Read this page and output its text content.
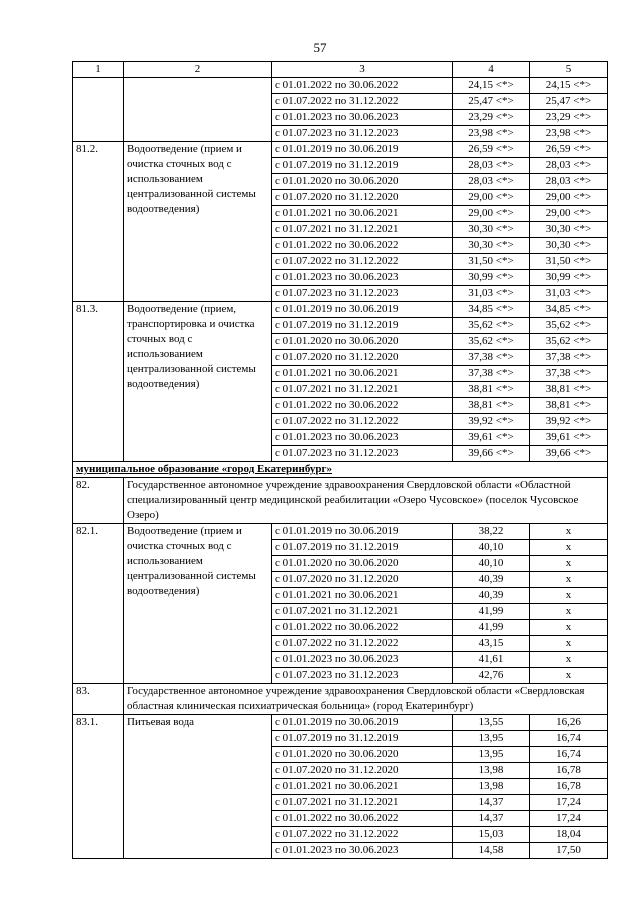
57
1	2	3	4	5
		с 01.01.2022 по 30.06.2022	24,15 <*>	24,15 <*>
		с 01.07.2022 по 31.12.2022	25,47 <*>	25,47 <*>
		с 01.01.2023 по 30.06.2023	23,29 <*>	23,29 <*>
		с 01.07.2023 по 31.12.2023	23,98 <*>	23,98 <*>
81.2.	Водоотведение (прием и очистка сточных вод с использованием централизованной системы водоотведения)	с 01.01.2019 по 30.06.2019	26,59 <*>	26,59 <*>
		с 01.07.2019 по 31.12.2019	28,03 <*>	28,03 <*>
		с 01.01.2020 по 30.06.2020	28,03 <*>	28,03 <*>
		с 01.07.2020 по 31.12.2020	29,00 <*>	29,00 <*>
		с 01.01.2021 по 30.06.2021	29,00 <*>	29,00 <*>
		с 01.07.2021 по 31.12.2021	30,30 <*>	30,30 <*>
		с 01.01.2022 по 30.06.2022	30,30 <*>	30,30 <*>
		с 01.07.2022 по 31.12.2022	31,50 <*>	31,50 <*>
		с 01.01.2023 по 30.06.2023	30,99 <*>	30,99 <*>
		с 01.07.2023 по 31.12.2023	31,03 <*>	31,03 <*>
81.3.	Водоотведение (прием, транспортировка и очистка сточных вод с использованием централизованной системы водоотведения)	с 01.01.2019 по 30.06.2019	34,85 <*>	34,85 <*>
		с 01.07.2019 по 31.12.2019	35,62 <*>	35,62 <*>
		с 01.01.2020 по 30.06.2020	35,62 <*>	35,62 <*>
		с 01.07.2020 по 31.12.2020	37,38 <*>	37,38 <*>
		с 01.01.2021 по 30.06.2021	37,38 <*>	37,38 <*>
		с 01.07.2021 по 31.12.2021	38,81 <*>	38,81 <*>
		с 01.01.2022 по 30.06.2022	38,81 <*>	38,81 <*>
		с 01.07.2022 по 31.12.2022	39,92 <*>	39,92 <*>
		с 01.01.2023 по 30.06.2023	39,61 <*>	39,61 <*>
		с 01.07.2023 по 31.12.2023	39,66 <*>	39,66 <*>
муниципальное образование «город Екатеринбург»				
82.	Государственное автономное учреждение здравоохранения Свердловской области «Областной специализированный центр медицинской реабилитации «Озеро Чусовское» (поселок Чусовское Озеро)			
82.1.	Водоотведение (прием и очистка сточных вод с использованием централизованной системы водоотведения)	с 01.01.2019 по 30.06.2019	38,22	x
		с 01.07.2019 по 31.12.2019	40,10	x
		с 01.01.2020 по 30.06.2020	40,10	x
		с 01.07.2020 по 31.12.2020	40,39	x
		с 01.01.2021 по 30.06.2021	40,39	x
		с 01.07.2021 по 31.12.2021	41,99	x
		с 01.01.2022 по 30.06.2022	41,99	x
		с 01.07.2022 по 31.12.2022	43,15	x
		с 01.01.2023 по 30.06.2023	41,61	x
		с 01.07.2023 по 31.12.2023	42,76	x
83.	Государственное автономное учреждение здравоохранения Свердловской области «Свердловская областная клиническая психиатрическая больница» (город Екатеринбург)			
83.1.	Питьевая вода	с 01.01.2019 по 30.06.2019	13,55	16,26
		с 01.07.2019 по 31.12.2019	13,95	16,74
		с 01.01.2020 по 30.06.2020	13,95	16,74
		с 01.07.2020 по 31.12.2020	13,98	16,78
		с 01.01.2021 по 30.06.2021	13,98	16,78
		с 01.07.2021 по 31.12.2021	14,37	17,24
		с 01.01.2022 по 30.06.2022	14,37	17,24
		с 01.07.2022 по 31.12.2022	15,03	18,04
		с 01.01.2023 по 30.06.2023	14,58	17,50
